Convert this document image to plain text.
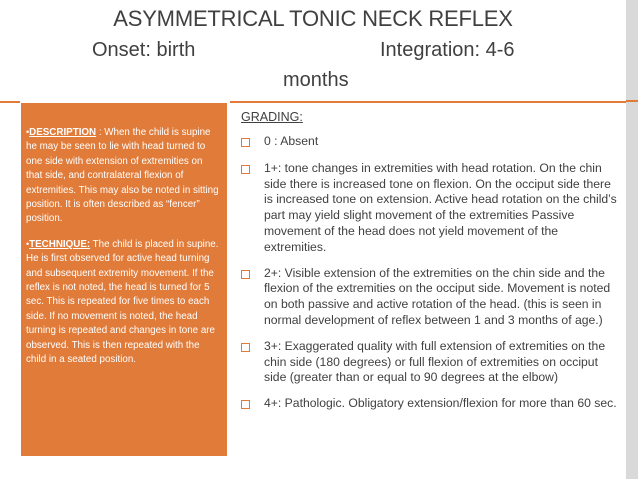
ASYMMETRICAL TONIC NECK REFLEX
Onset: birth	Integration: 4-6
months

•DESCRIPTION : When the child is supine he may be seen to lie with head turned to one side with extension of extremities on that side, and contralateral flexion of extremities. This may also be noted in sitting position. It is often described as “fencer” position.

•TECHNIQUE: The child is placed in supine. He is first observed for active head turning and subsequent extremity movement. If the reflex is not noted, the head is turned for 5 sec. This is repeated for five times to each side. If no movement is noted, the head turning is repeated and changes in tone are observed. This is then repeated with the child in a seated position.

GRADING:
0 : Absent
1+: tone changes in extremities with head rotation. On the chin side there is increased tone on flexion. On the occiput side there is increased tone on extension. Active head rotation on the child’s part may yield slight movement of the extremities Passive movement of the head does not yield movement of the extremities.
2+: Visible extension of the extremities on the chin side and the flexion of the extremities on the occiput side. Movement is noted on both passive and active rotation of the head. (this is seen in normal development of reflex between 1 and 3 months of age.)
3+: Exaggerated quality with full extension of extremities on the chin side (180 degrees) or full flexion of extremities on occiput side (greater than or equal to 90 degrees at the elbow)
4+: Pathologic. Obligatory extension/flexion for more than 60 sec.
